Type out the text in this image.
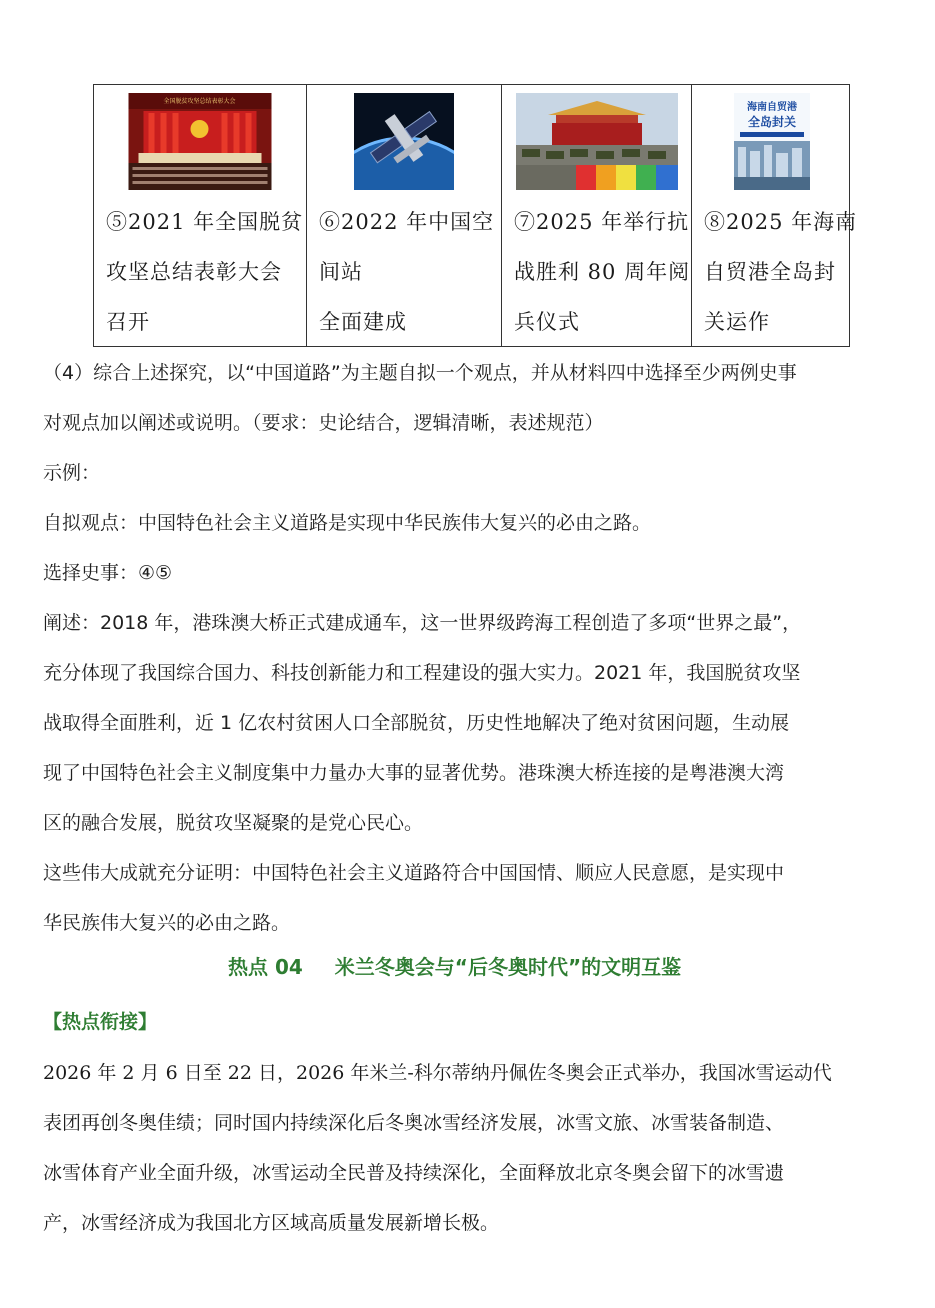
全国脱贫攻坚总结表彰大会
⑤2021 年全国脱贫
攻坚总结表彰大会
召开
⑥2022 年中国空
间站
全面建成
⑦2025 年举行抗
战胜利 80 周年阅
兵仪式
海南自贸港
全岛封关
⑧2025 年海南
自贸港全岛封
关运作
（4）综合上述探究，以“中国道路”为主题自拟一个观点，并从材料四中选择至少两例史事
对观点加以阐述或说明。（要求：史论结合，逻辑清晰，表述规范）
示例：
自拟观点：中国特色社会主义道路是实现中华民族伟大复兴的必由之路。
选择史事：④⑤
阐述：2018 年，港珠澳大桥正式建成通车，这一世界级跨海工程创造了多项“世界之最”，
充分体现了我国综合国力、科技创新能力和工程建设的强大实力。2021 年，我国脱贫攻坚
战取得全面胜利，近 1 亿农村贫困人口全部脱贫，历史性地解决了绝对贫困问题，生动展
现了中国特色社会主义制度集中力量办大事的显著优势。港珠澳大桥连接的是粤港澳大湾
区的融合发展，脱贫攻坚凝聚的是党心民心。
这些伟大成就充分证明：中国特色社会主义道路符合中国国情、顺应人民意愿，是实现中
华民族伟大复兴的必由之路。
热点 04 米兰冬奥会与“后冬奥时代”的文明互鉴
【热点衔接】
2026 年 2 月 6 日至 22 日，2026 年米兰-科尔蒂纳丹佩佐冬奥会正式举办，我国冰雪运动代
表团再创冬奥佳绩；同时国内持续深化后冬奥冰雪经济发展，冰雪文旅、冰雪装备制造、
冰雪体育产业全面升级，冰雪运动全民普及持续深化，全面释放北京冬奥会留下的冰雪遗
产，冰雪经济成为我国北方区域高质量发展新增长极。
